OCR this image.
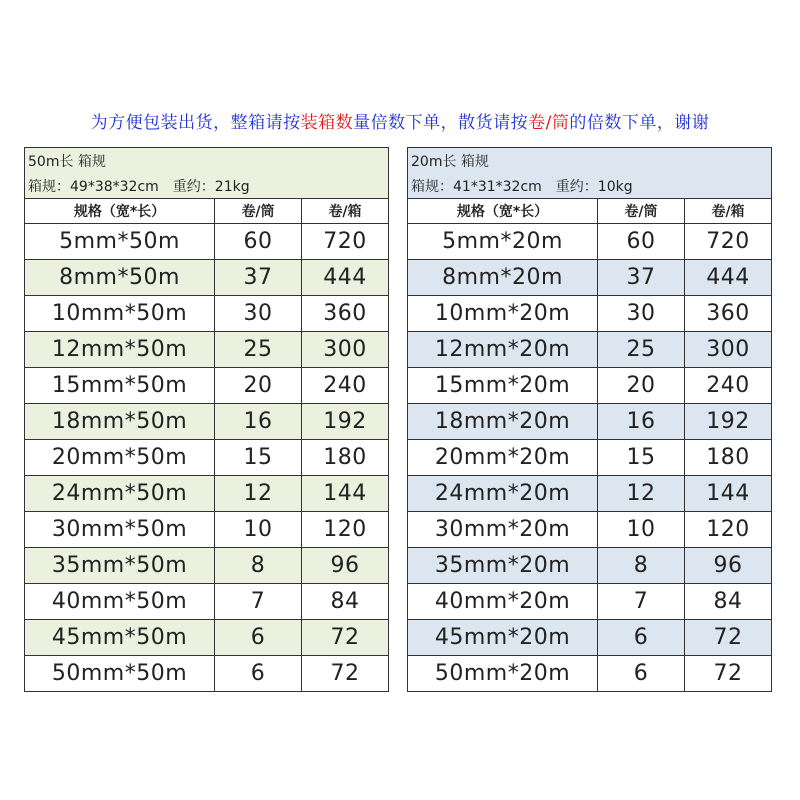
为方便包装出货，整箱请按装箱数量倍数下单，散货请按卷/筒的倍数下单，谢谢
50m长 箱规		
箱规：49*38*32cm 重约：21kg		
规格（宽*长）	卷/筒	卷/箱
5mm*50m	60	720
8mm*50m	37	444
10mm*50m	30	360
12mm*50m	25	300
15mm*50m	20	240
18mm*50m	16	192
20mm*50m	15	180
24mm*50m	12	144
30mm*50m	10	120
35mm*50m	8	96
40mm*50m	7	84
45mm*50m	6	72
50mm*50m	6	72
20m长 箱规		
箱规：41*31*32cm 重约：10kg		
规格（宽*长）	卷/筒	卷/箱
5mm*20m	60	720
8mm*20m	37	444
10mm*20m	30	360
12mm*20m	25	300
15mm*20m	20	240
18mm*20m	16	192
20mm*20m	15	180
24mm*20m	12	144
30mm*20m	10	120
35mm*20m	8	96
40mm*20m	7	84
45mm*20m	6	72
50mm*20m	6	72
